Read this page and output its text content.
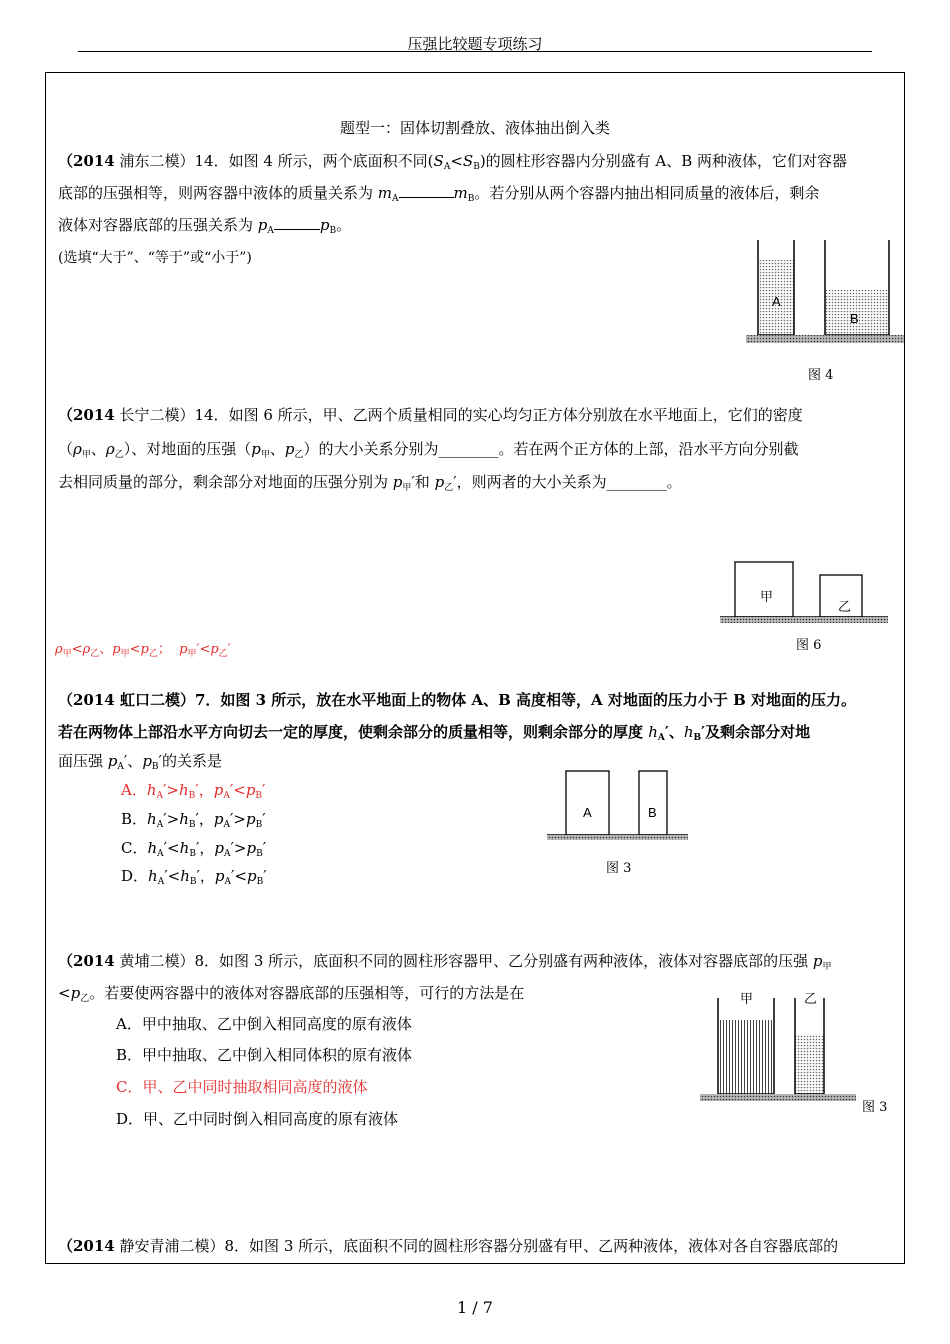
压强比较题专项练习
题型一：固体切割叠放、液体抽出倒入类
（2014 浦东二模）14．如图 4 所示，两个底面积不同$(S_A<S_B)$的圆柱形容器内分别盛有 A、B 两种液体，它们对容器
底部的压强相等，则两容器中液体的质量关系为 $m_A$	$m_B$。若分别从两个容器内抽出相同质量的液体后，剩余
液体对容器底部的压强关系为 $p_A$	$p_B$。
(选填“大于”、“等于”或“小于”)
A
B
图 4
（2014 长宁二模）14．如图 6 所示，甲、乙两个质量相同的实心均匀正方体分别放在水平地面上，它们的密度
（$\rho_甲$、$\rho_乙$）、对地面的压强（$p_甲$、$p_乙$）的大小关系分别为________。若在两个正方体的上部，沿水平方向分别截
去相同质量的部分，剩余部分对地面的压强分别为 $p_甲'$和 $p_乙'$，则两者的大小关系为________。
甲
乙
图 6
$\rho_甲<\rho_乙$、$p_甲<p_乙$； $p_甲'<p_乙'$
（2014 虹口二模）7．如图 3 所示，放在水平地面上的物体 A、B 高度相等，A 对地面的压力小于 B 对地面的压力。
若在两物体上部沿水平方向切去一定的厚度，使剩余部分的质量相等，则剩余部分的厚度 $h_A'$、$h_B'$及剩余部分对地
面压强 $p_A'$、$p_B'$的关系是
A．$h_A'>h_B'$，$p_A'<p_B'$
B．$h_A'>h_B'$，$p_A'>p_B'$
C．$h_A'<h_B'$，$p_A'>p_B'$
D．$h_A'<h_B'$，$p_A'<p_B'$
A	B
图 3
（2014 黄埔二模）8．如图 3 所示，底面积不同的圆柱形容器甲、乙分别盛有两种液体，液体对容器底部的压强 $p_甲$
$<p_乙$。若要使两容器中的液体对容器底部的压强相等，可行的方法是在
A．甲中抽取、乙中倒入相同高度的原有液体
B．甲中抽取、乙中倒入相同体积的原有液体
C．甲、乙中同时抽取相同高度的液体
D．甲、乙中同时倒入相同高度的原有液体
甲	乙
图 3
（2014 静安青浦二模）8．如图 3 所示，底面积不同的圆柱形容器分别盛有甲、乙两种液体，液体对各自容器底部的
1 / 7
